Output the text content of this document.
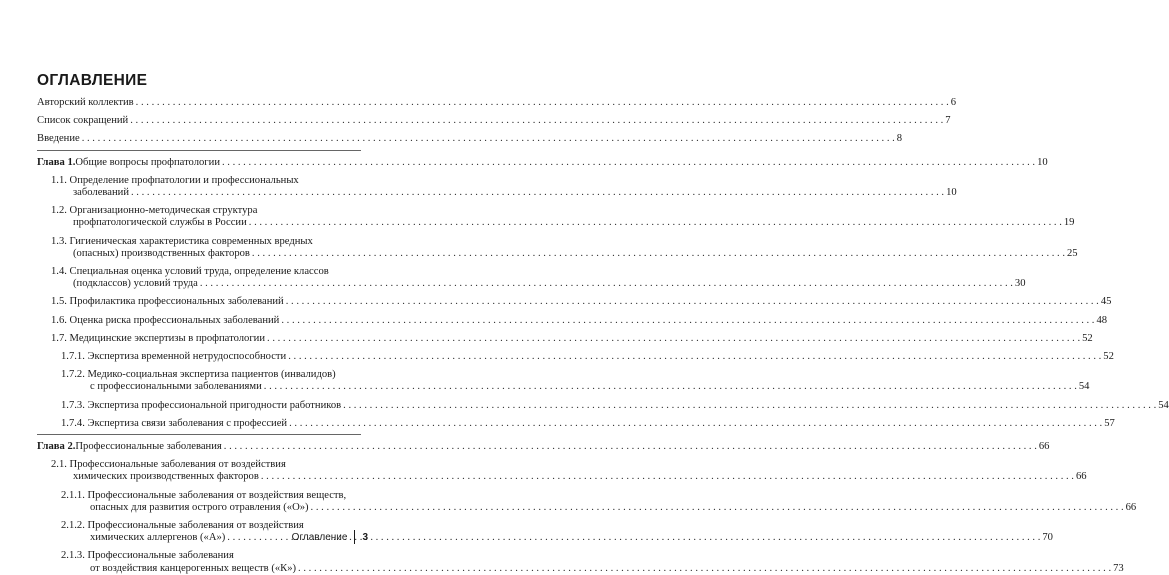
ОГЛАВЛЕНИЕ
Авторский коллектив . . .	6
Список сокращений . . .	7
Введение . . .	8
Глава 1. Общие вопросы профпатологии . . .	10
1.1. Определение профпатологии и профессиональных
заболеваний . . .	10
1.2. Организационно-методическая структура
профпатологической службы в России . . .	19
1.3. Гигиеническая характеристика современных вредных
(опасных) производственных факторов . . .	25
1.4. Специальная оценка условий труда, определение классов
(подклассов) условий труда . . .	30
1.5. Профилактика профессиональных заболеваний . . .	45
1.6. Оценка риска профессиональных заболеваний . . .	48
1.7. Медицинские экспертизы в профпатологии . . .	52
1.7.1. Экспертиза временной нетрудоспособности . . .	52
1.7.2. Медико-социальная экспертиза пациентов (инвалидов)
с профессиональными заболеваниями . . .	54
1.7.3. Экспертиза профессиональной пригодности работников . . .	54
1.7.4. Экспертиза связи заболевания с профессией . . .	57
Глава 2. Профессиональные заболевания . . .	66
2.1. Профессиональные заболевания от воздействия
химических производственных факторов . . .	66
2.1.1. Профессиональные заболевания от воздействия веществ,
опасных для развития острого отравления («О») . . .	66
2.1.2. Профессиональные заболевания от воздействия
химических аллергенов («А») . . .	70
2.1.3. Профессиональные заболевания
от воздействия канцерогенных веществ («К») . . .	73
Оглавление 3
